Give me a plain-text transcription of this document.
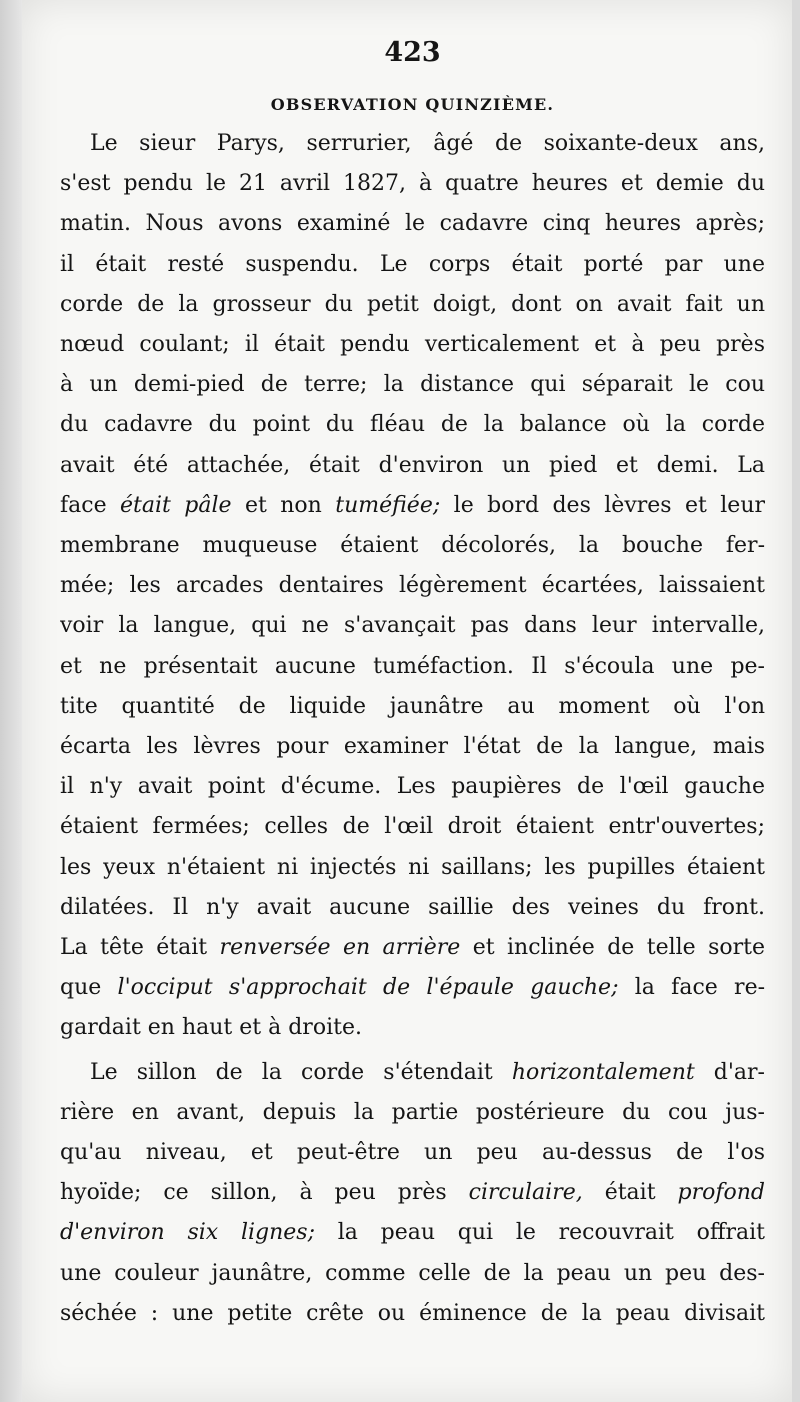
423
OBSERVATION QUINZIÈME.
Le sieur Parys, serrurier, âgé de soixante-deux ans,
s'est pendu le 21 avril 1827, à quatre heures et demie du
matin. Nous avons examiné le cadavre cinq heures après;
il était resté suspendu. Le corps était porté par une
corde de la grosseur du petit doigt, dont on avait fait un
nœud coulant; il était pendu verticalement et à peu près
à un demi-pied de terre; la distance qui séparait le cou
du cadavre du point du fléau de la balance où la corde
avait été attachée, était d'environ un pied et demi. La
face était pâle et non tuméfiée; le bord des lèvres et leur
membrane muqueuse étaient décolorés, la bouche fer-
mée; les arcades dentaires légèrement écartées, laissaient
voir la langue, qui ne s'avançait pas dans leur intervalle,
et ne présentait aucune tuméfaction. Il s'écoula une pe-
tite quantité de liquide jaunâtre au moment où l'on
écarta les lèvres pour examiner l'état de la langue, mais
il n'y avait point d'écume. Les paupières de l'œil gauche
étaient fermées; celles de l'œil droit étaient entr'ouvertes;
les yeux n'étaient ni injectés ni saillans; les pupilles étaient
dilatées. Il n'y avait aucune saillie des veines du front.
La tête était renversée en arrière et inclinée de telle sorte
que l'occiput s'approchait de l'épaule gauche; la face re-
gardait en haut et à droite.
Le sillon de la corde s'étendait horizontalement d'ar-
rière en avant, depuis la partie postérieure du cou jus-
qu'au niveau, et peut-être un peu au-dessus de l'os
hyoïde; ce sillon, à peu près circulaire, était profond
d'environ six lignes; la peau qui le recouvrait offrait
une couleur jaunâtre, comme celle de la peau un peu des-
séchée : une petite crête ou éminence de la peau divisait
